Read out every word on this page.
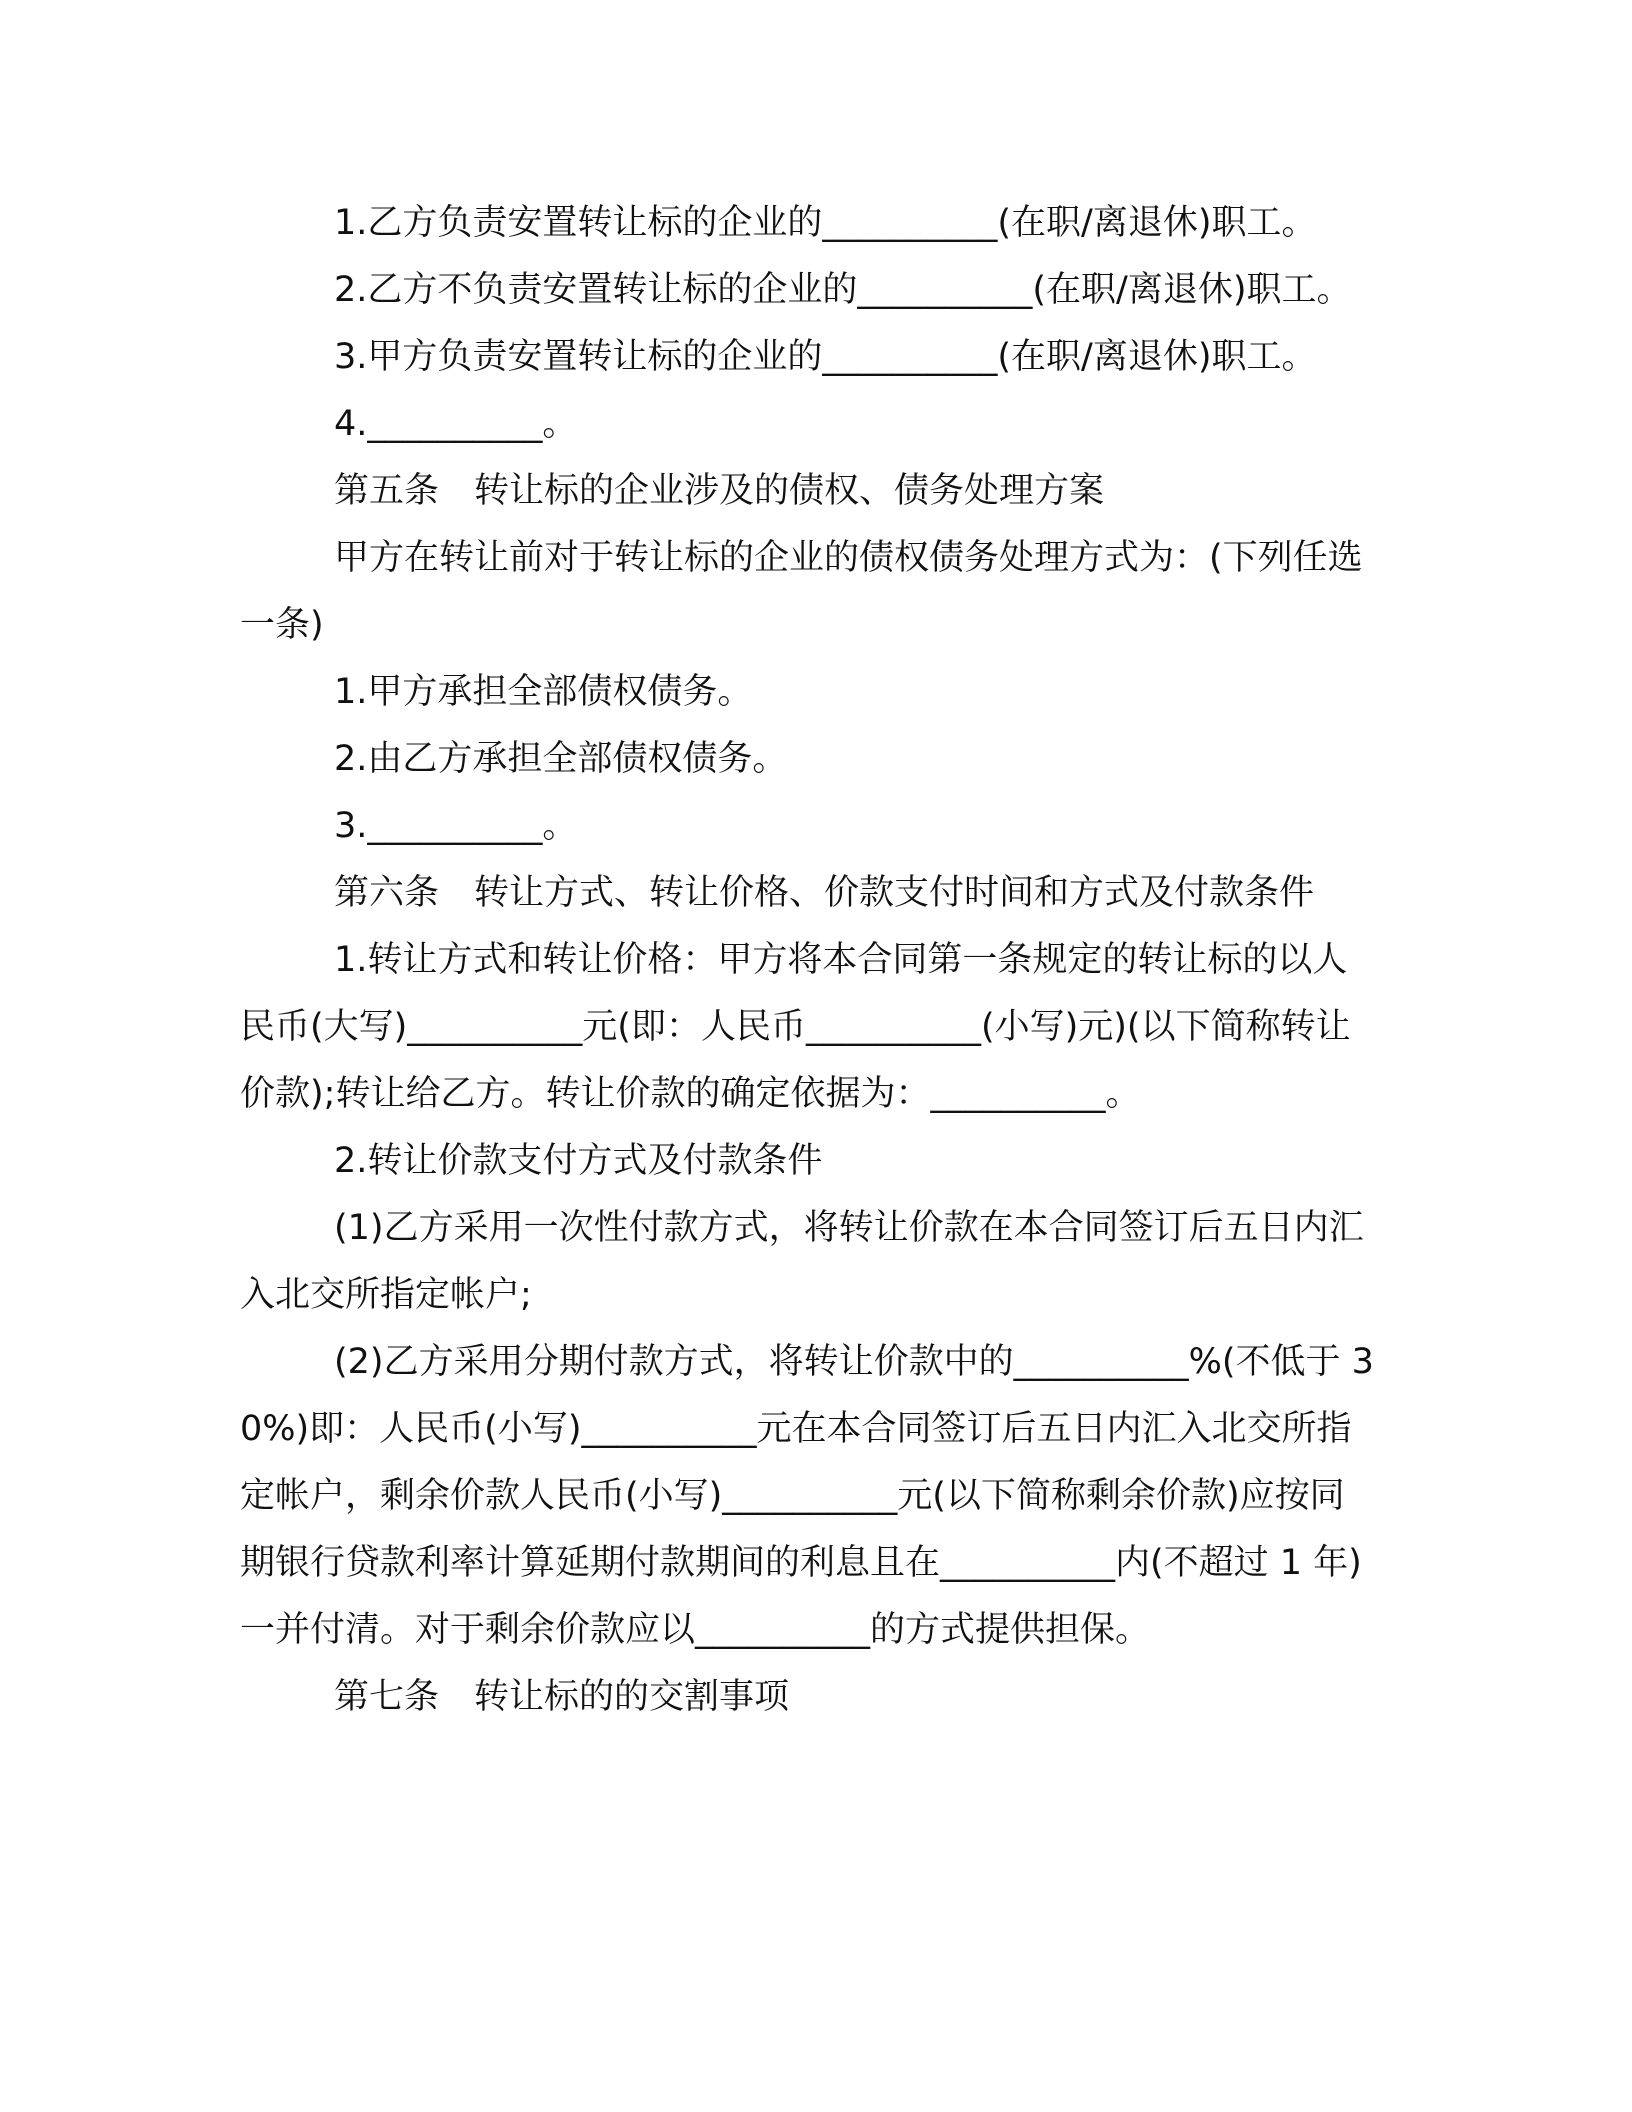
1.乙方负责安置转让标的企业的__________(在职/离退休)职工。

2.乙方不负责安置转让标的企业的__________(在职/离退休)职工。

3.甲方负责安置转让标的企业的__________(在职/离退休)职工。

4.__________。

第五条　转让标的企业涉及的债权、债务处理方案

甲方在转让前对于转让标的企业的债权债务处理方式为：(下列任选一条)

1.甲方承担全部债权债务。

2.由乙方承担全部债权债务。

3.__________。

第六条　转让方式、转让价格、价款支付时间和方式及付款条件

1.转让方式和转让价格：甲方将本合同第一条规定的转让标的以人民币(大写)__________元(即：人民币__________(小写)元)(以下简称转让价款);转让给乙方。转让价款的确定依据为：__________。

2.转让价款支付方式及付款条件

(1)乙方采用一次性付款方式，将转让价款在本合同签订后五日内汇入北交所指定帐户;

(2)乙方采用分期付款方式，将转让价款中的__________%(不低于 30%)即：人民币(小写)__________元在本合同签订后五日内汇入北交所指定帐户，剩余价款人民币(小写)__________元(以下简称剩余价款)应按同期银行贷款利率计算延期付款期间的利息且在__________内(不超过 1 年)一并付清。对于剩余价款应以__________的方式提供担保。

第七条　转让标的的交割事项
